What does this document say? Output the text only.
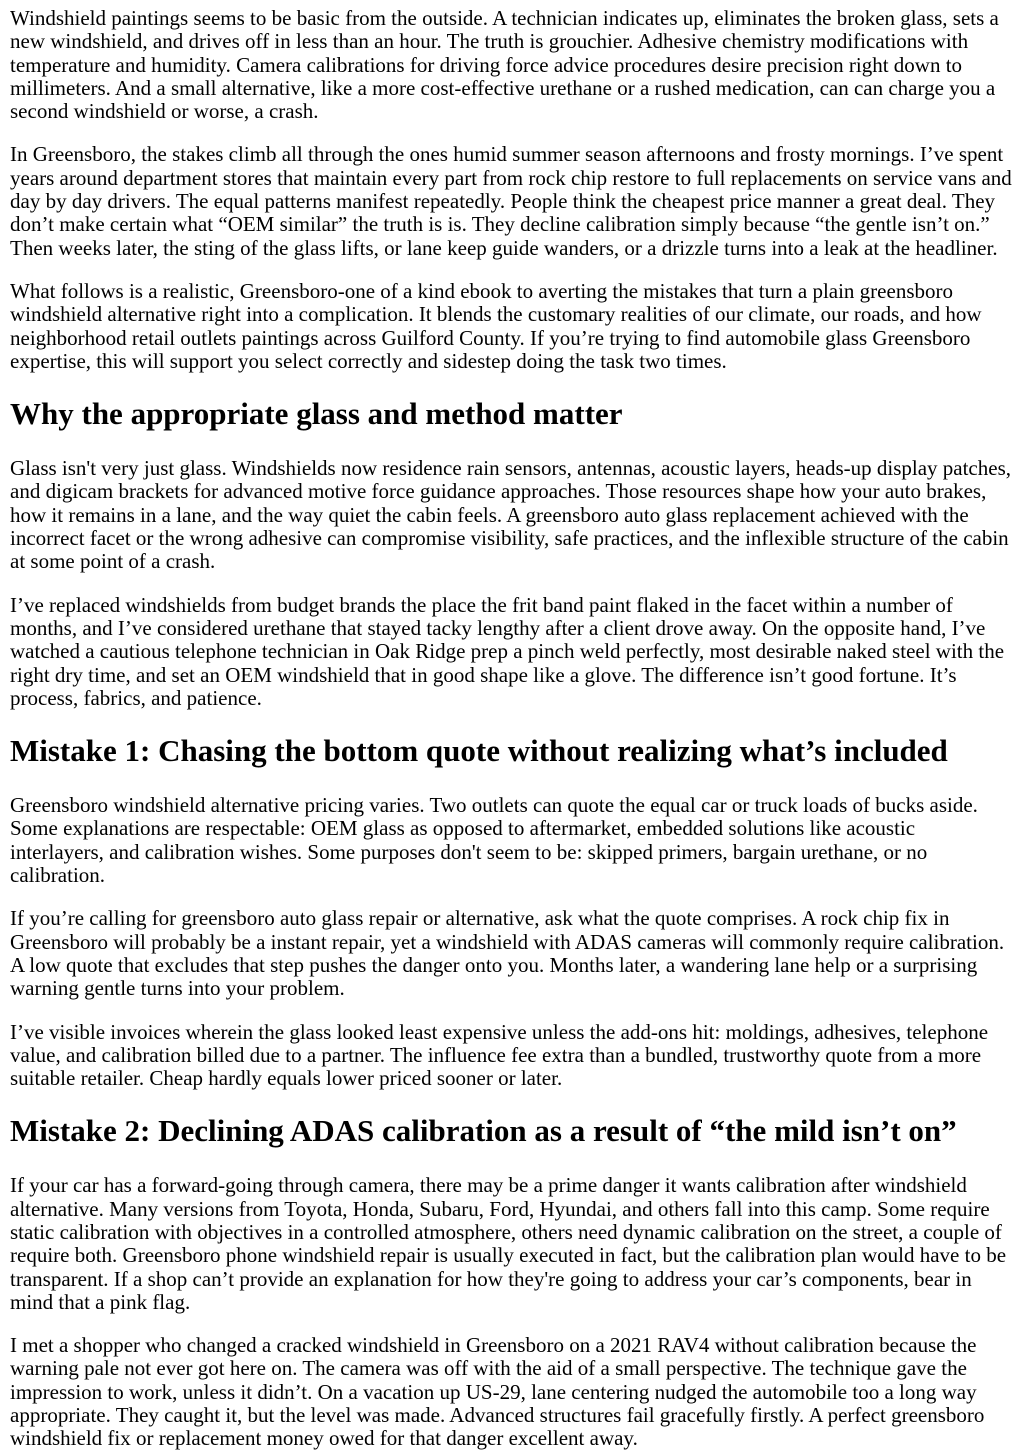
Windshield paintings seems to be basic from the outside. A technician indicates up, eliminates the broken glass, sets a new windshield, and drives off in less than an hour. The truth is grouchier. Adhesive chemistry modifications with temperature and humidity. Camera calibrations for driving force advice procedures desire precision right down to millimeters. And a small alternative, like a more cost-effective urethane or a rushed medication, can can charge you a second windshield or worse, a crash.

In Greensboro, the stakes climb all through the ones humid summer season afternoons and frosty mornings. I’ve spent years around department stores that maintain every part from rock chip restore to full replacements on service vans and day by day drivers. The equal patterns manifest repeatedly. People think the cheapest price manner a great deal. They don’t make certain what “OEM similar” the truth is is. They decline calibration simply because “the gentle isn’t on.” Then weeks later, the sting of the glass lifts, or lane keep guide wanders, or a drizzle turns into a leak at the headliner.

What follows is a realistic, Greensboro-one of a kind ebook to averting the mistakes that turn a plain greensboro windshield alternative right into a complication. It blends the customary realities of our climate, our roads, and how neighborhood retail outlets paintings across Guilford County. If you’re trying to find automobile glass Greensboro expertise, this will support you select correctly and sidestep doing the task two times.

Why the appropriate glass and method matter

Glass isn't very just glass. Windshields now residence rain sensors, antennas, acoustic layers, heads-up display patches, and digicam brackets for advanced motive force guidance approaches. Those resources shape how your auto brakes, how it remains in a lane, and the way quiet the cabin feels. A greensboro auto glass replacement achieved with the incorrect facet or the wrong adhesive can compromise visibility, safe practices, and the inflexible structure of the cabin at some point of a crash.

I’ve replaced windshields from budget brands the place the frit band paint flaked in the facet within a number of months, and I’ve considered urethane that stayed tacky lengthy after a client drove away. On the opposite hand, I’ve watched a cautious telephone technician in Oak Ridge prep a pinch weld perfectly, most desirable naked steel with the right dry time, and set an OEM windshield that in good shape like a glove. The difference isn’t good fortune. It’s process, fabrics, and patience.

Mistake 1: Chasing the bottom quote without realizing what’s included

Greensboro windshield alternative pricing varies. Two outlets can quote the equal car or truck loads of bucks aside. Some explanations are respectable: OEM glass as opposed to aftermarket, embedded solutions like acoustic interlayers, and calibration wishes. Some purposes don't seem to be: skipped primers, bargain urethane, or no calibration.

If you’re calling for greensboro auto glass repair or alternative, ask what the quote comprises. A rock chip fix in Greensboro will probably be a instant repair, yet a windshield with ADAS cameras will commonly require calibration. A low quote that excludes that step pushes the danger onto you. Months later, a wandering lane help or a surprising warning gentle turns into your problem.

I’ve visible invoices wherein the glass looked least expensive unless the add-ons hit: moldings, adhesives, telephone value, and calibration billed due to a partner. The influence fee extra than a bundled, trustworthy quote from a more suitable retailer. Cheap hardly equals lower priced sooner or later.

Mistake 2: Declining ADAS calibration as a result of “the mild isn’t on”

If your car has a forward-going through camera, there may be a prime danger it wants calibration after windshield alternative. Many versions from Toyota, Honda, Subaru, Ford, Hyundai, and others fall into this camp. Some require static calibration with objectives in a controlled atmosphere, others need dynamic calibration on the street, a couple of require both. Greensboro phone windshield repair is usually executed in fact, but the calibration plan would have to be transparent. If a shop can’t provide an explanation for how they're going to address your car’s components, bear in mind that a pink flag.

I met a shopper who changed a cracked windshield in Greensboro on a 2021 RAV4 without calibration because the warning pale not ever got here on. The camera was off with the aid of a small perspective. The technique gave the impression to work, unless it didn’t. On a vacation up US-29, lane centering nudged the automobile too a long way appropriate. They caught it, but the level was made. Advanced structures fail gracefully firstly. A perfect greensboro windshield fix or replacement money owed for that danger excellent away.
